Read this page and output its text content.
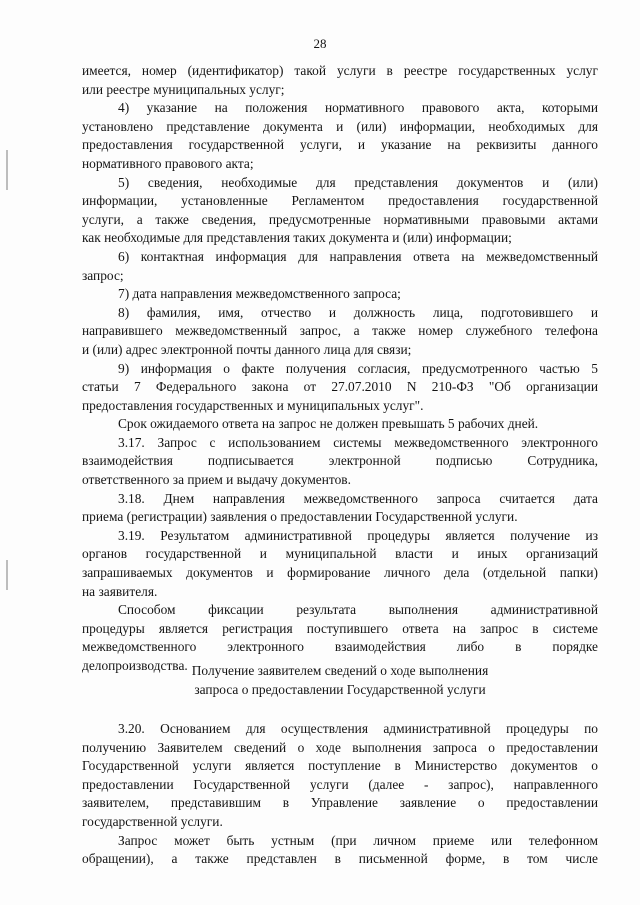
28
имеется, номер (идентификатор) такой услуги в реестре государственных услуг
или реестре муниципальных услуг;
4) указание на положения нормативного правового акта, которыми
установлено представление документа и (или) информации, необходимых для
предоставления государственной услуги, и указание на реквизиты данного
нормативного правового акта;
5) сведения, необходимые для представления документов и (или)
информации, установленные Регламентом предоставления государственной
услуги, а также сведения, предусмотренные нормативными правовыми актами
как необходимые для представления таких документа и (или) информации;
6) контактная информация для направления ответа на межведомственный
запрос;
7) дата направления межведомственного запроса;
8) фамилия, имя, отчество и должность лица, подготовившего и
направившего межведомственный запрос, а также номер служебного телефона
и (или) адрес электронной почты данного лица для связи;
9) информация о факте получения согласия, предусмотренного частью 5
статьи 7 Федерального закона от 27.07.2010 N 210-ФЗ "Об организации
предоставления государственных и муниципальных услуг".
Срок ожидаемого ответа на запрос не должен превышать 5 рабочих дней.
3.17. Запрос с использованием системы межведомственного электронного
взаимодействия подписывается электронной подписью Сотрудника,
ответственного за прием и выдачу документов.
3.18. Днем направления межведомственного запроса считается дата
приема (регистрации) заявления о предоставлении Государственной услуги.
3.19. Результатом административной процедуры является получение из
органов государственной и муниципальной власти и иных организаций
запрашиваемых документов и формирование личного дела (отдельной папки)
на заявителя.
Способом фиксации результата выполнения административной
процедуры является регистрация поступившего ответа на запрос в системе
межведомственного электронного взаимодействия либо в порядке
делопроизводства. Получение заявителем сведений о ходе выполнения
запроса о предоставлении Государственной услуги
3.20. Основанием для осуществления административной процедуры по
получению Заявителем сведений о ходе выполнения запроса о предоставлении
Государственной услуги является поступление в Министерство документов о
предоставлении Государственной услуги (далее - запрос), направленного
заявителем, представившим в Управление заявление о предоставлении
государственной услуги.
Запрос может быть устным (при личном приеме или телефонном
обращении), а также представлен в письменной форме, в том числе
